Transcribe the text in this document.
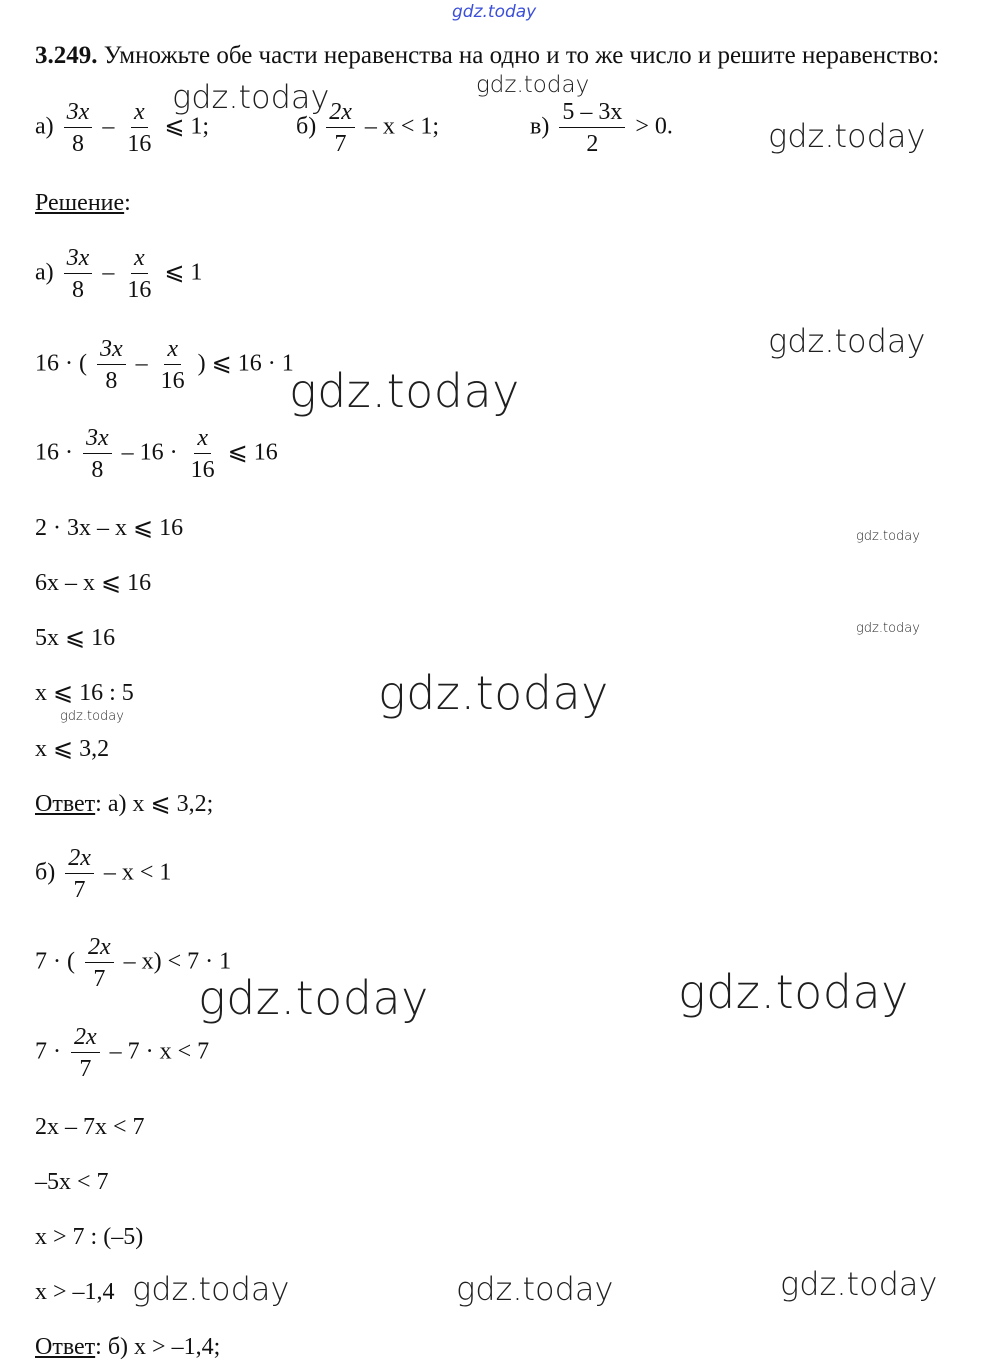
gdz.today
3.249. Умножьте обе части неравенства на одно и то же число и решите неравенство:
$а) \frac{3x}{8} - \frac{x}{16}$ ⩽ 1;	$б) \frac{2x}{7} - x < 1$;	$в) \frac{5 - 3x}{2} > 0$.
Решение:
$а) \frac{3x}{8} - \frac{x}{16}$ ⩽ 1
16 · ( $\frac{3x}{8} - \frac{x}{16}$ ) ⩽ 16 · 1
$16 \cdot \frac{3x}{8} - 16 \cdot \frac{x}{16}$ ⩽ 16
2 · 3x – x ⩽ 16
6x – x ⩽ 16
5x ⩽ 16
x ⩽ 16 : 5
x ⩽ 3,2
Ответ: а) x ⩽ 3,2;
$б) \frac{2x}{7} - x < 1$
7 · ( $\frac{2x}{7} - x) < 7 \cdot 1$
$7 \cdot \frac{2x}{7} - 7 \cdot x < 7$
2x – 7x < 7
–5x < 7
x > 7 : (–5)
x > –1,4
Ответ: б) x > –1,4;
gdz.today	gdz.today
gdz.today
gdz.today
gdz.today
gdz.today
gdz.today
gdz.today
gdz.today
gdz.today	gdz.today
gdz.today	gdz.today	gdz.today
